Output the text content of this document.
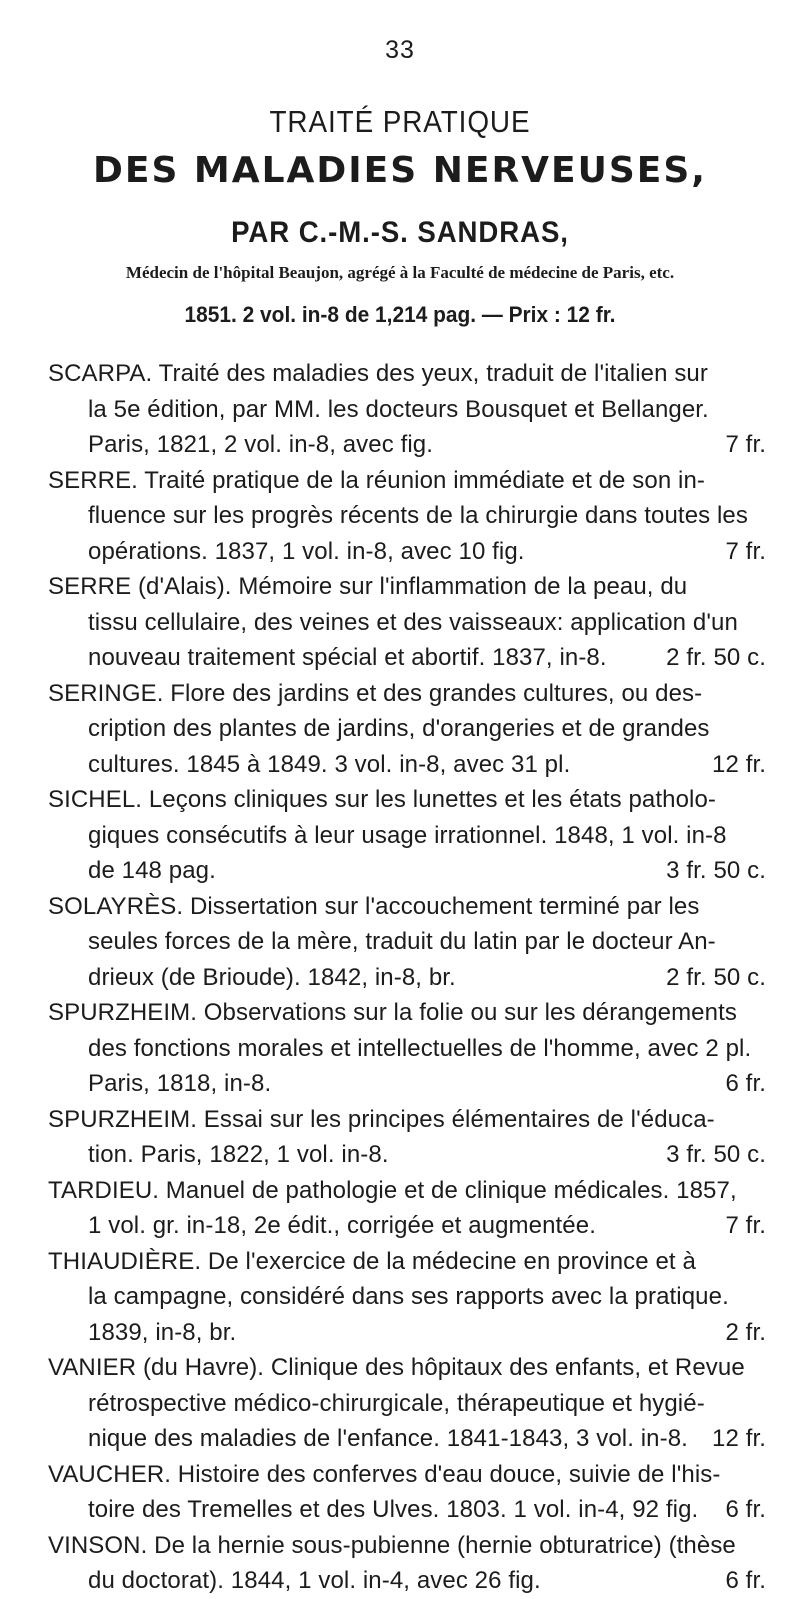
33
TRAITÉ PRATIQUE
DES MALADIES NERVEUSES,
PAR C.-M.-S. SANDRAS,
Médecin de l'hôpital Beaujon, agrégé à la Faculté de médecine de Paris, etc.
1851. 2 vol. in-8 de 1,214 pag. — Prix : 12 fr.
SCARPA. Traité des maladies des yeux, traduit de l'italien sur
la 5e édition, par MM. les docteurs Bousquet et Bellanger.
Paris, 1821, 2 vol. in-8, avec fig.	7 fr.
SERRE. Traité pratique de la réunion immédiate et de son in-
fluence sur les progrès récents de la chirurgie dans toutes les
opérations. 1837, 1 vol. in-8, avec 10 fig.	7 fr.
SERRE (d'Alais). Mémoire sur l'inflammation de la peau, du
tissu cellulaire, des veines et des vaisseaux: application d'un
nouveau traitement spécial et abortif. 1837, in-8. 2 fr. 50 c.
SERINGE. Flore des jardins et des grandes cultures, ou des-
cription des plantes de jardins, d'orangeries et de grandes
cultures. 1845 à 1849. 3 vol. in-8, avec 31 pl.	12 fr.
SICHEL. Leçons cliniques sur les lunettes et les états patholo-
giques consécutifs à leur usage irrationnel. 1848, 1 vol. in-8
de 148 pag.	3 fr. 50 c.
SOLAYRÈS. Dissertation sur l'accouchement terminé par les
seules forces de la mère, traduit du latin par le docteur An-
drieux (de Brioude). 1842, in-8, br.	2 fr. 50 c.
SPURZHEIM. Observations sur la folie ou sur les dérangements
des fonctions morales et intellectuelles de l'homme, avec 2 pl.
Paris, 1818, in-8.	6 fr.
SPURZHEIM. Essai sur les principes élémentaires de l'éduca-
tion. Paris, 1822, 1 vol. in-8.	3 fr. 50 c.
TARDIEU. Manuel de pathologie et de clinique médicales. 1857,
1 vol. gr. in-18, 2e édit., corrigée et augmentée.	7 fr.
THIAUDIÈRE. De l'exercice de la médecine en province et à
la campagne, considéré dans ses rapports avec la pratique.
1839, in-8, br.	2 fr.
VANIER (du Havre). Clinique des hôpitaux des enfants, et Revue
rétrospective médico-chirurgicale, thérapeutique et hygié-
nique des maladies de l'enfance. 1841-1843, 3 vol. in-8. 12 fr.
VAUCHER. Histoire des conferves d'eau douce, suivie de l'his-
toire des Tremelles et des Ulves. 1803. 1 vol. in-4, 92 fig. 6 fr.
VINSON. De la hernie sous-pubienne (hernie obturatrice) (thèse
du doctorat). 1844, 1 vol. in-4, avec 26 fig.	6 fr.
